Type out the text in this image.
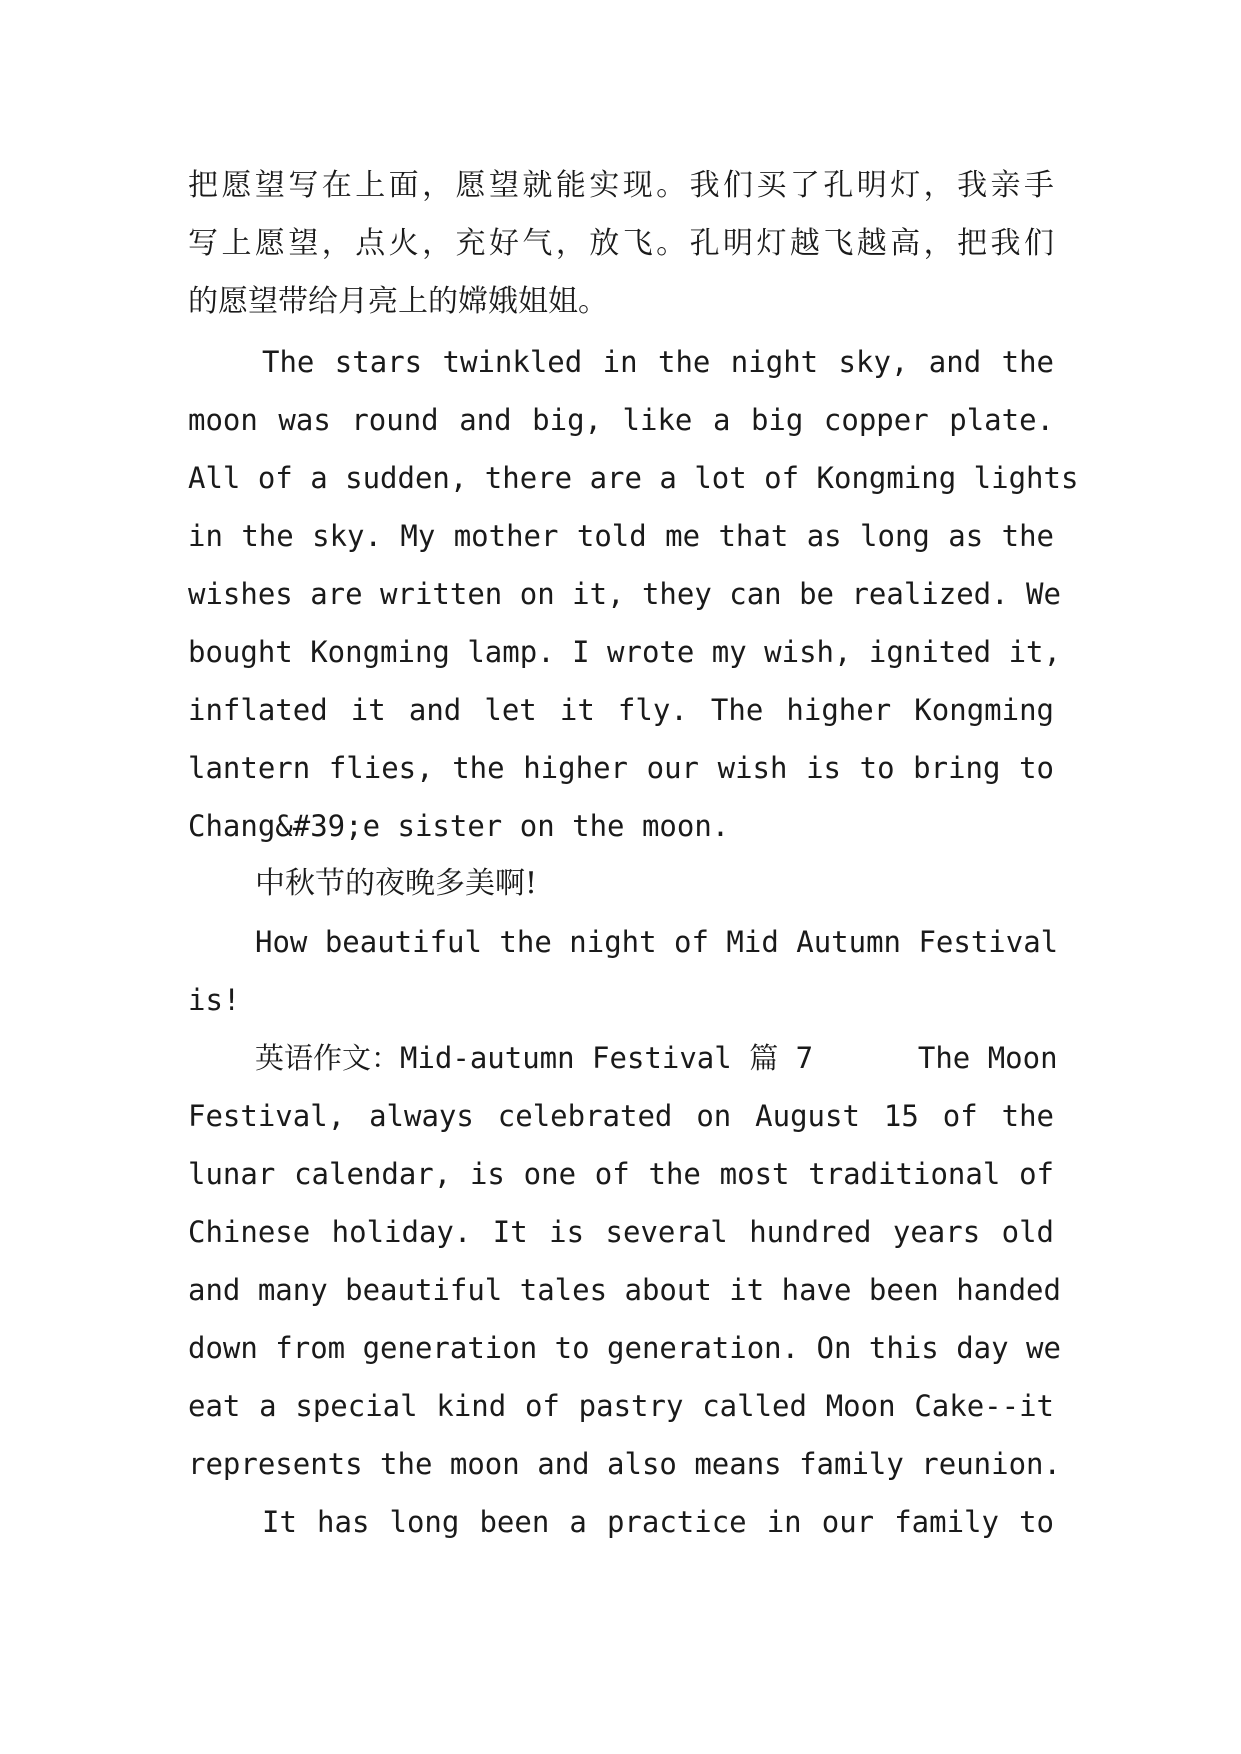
把愿望写在上面，愿望就能实现。我们买了孔明灯，我亲手
写上愿望，点火，充好气，放飞。孔明灯越飞越高，把我们
的愿望带给月亮上的嫦娥姐姐。
The stars twinkled in the night sky, and the
moon was round and big, like a big copper plate.
All of a sudden, there are a lot of Kongming lights
in the sky. My mother told me that as long as the
wishes are written on it, they can be realized. We
bought Kongming lamp. I wrote my wish, ignited it,
inflated it and let it fly. The higher Kongming
lantern flies, the higher our wish is to bring to
Chang&#39;e sister on the moon.
中秋节的夜晚多美啊!
How beautiful the night of Mid Autumn Festival
is!
英语作文：Mid-autumn Festival 篇 7      The Moon
Festival, always celebrated on August 15 of the
lunar calendar, is one of the most traditional of
Chinese holiday. It is several hundred years old
and many beautiful tales about it have been handed
down from generation to generation. On this day we
eat a special kind of pastry called Moon Cake--it
represents the moon and also means family reunion.
It has long been a practice in our family to
